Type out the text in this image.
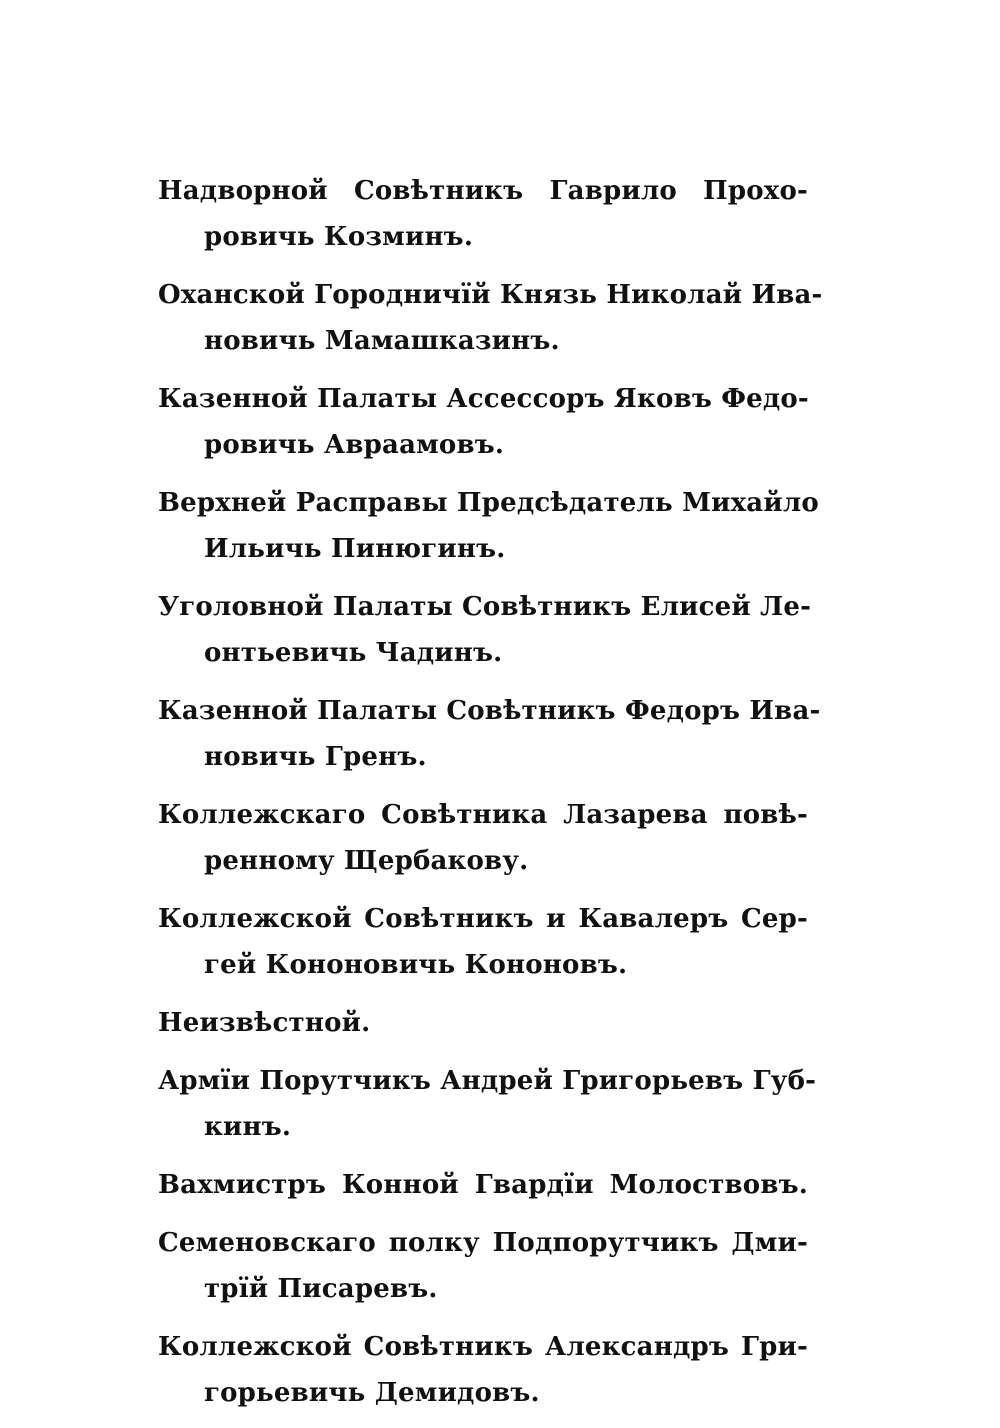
Надворной Совѣтникъ Гаврило Прохо-
ровичь Козминъ.
Оханской Городничїй Князь Николай Ива-
новичь Мамашказинъ.
Казенной Палаты Ассессоръ Яковъ Федо-
ровичь Авраамовъ.
Верхней Расправы Предсѣдатель Михайло
Ильичь Пинюгинъ.
Уголовной Палаты Совѣтникъ Елисей Ле-
онтьевичь Чадинъ.
Казенной Палаты Совѣтникъ Федоръ Ива-
новичь Гренъ.
Коллежскаго Совѣтника Лазарева повѣ-
ренному Щербакову.
Коллежской Совѣтникъ и Кавалеръ Сер-
гей Кононовичь Кононовъ.
Неизвѣстной.
Армїи Порутчикъ Андрей Григорьевъ Губ-
кинъ.
Вахмистръ Конной Гвардїи Молоствовъ.
Семеновскаго полку Подпорутчикъ Дми-
трїй Писаревъ.
Коллежской Совѣтникъ Александръ Гри-
горьевичь Демидовъ.
